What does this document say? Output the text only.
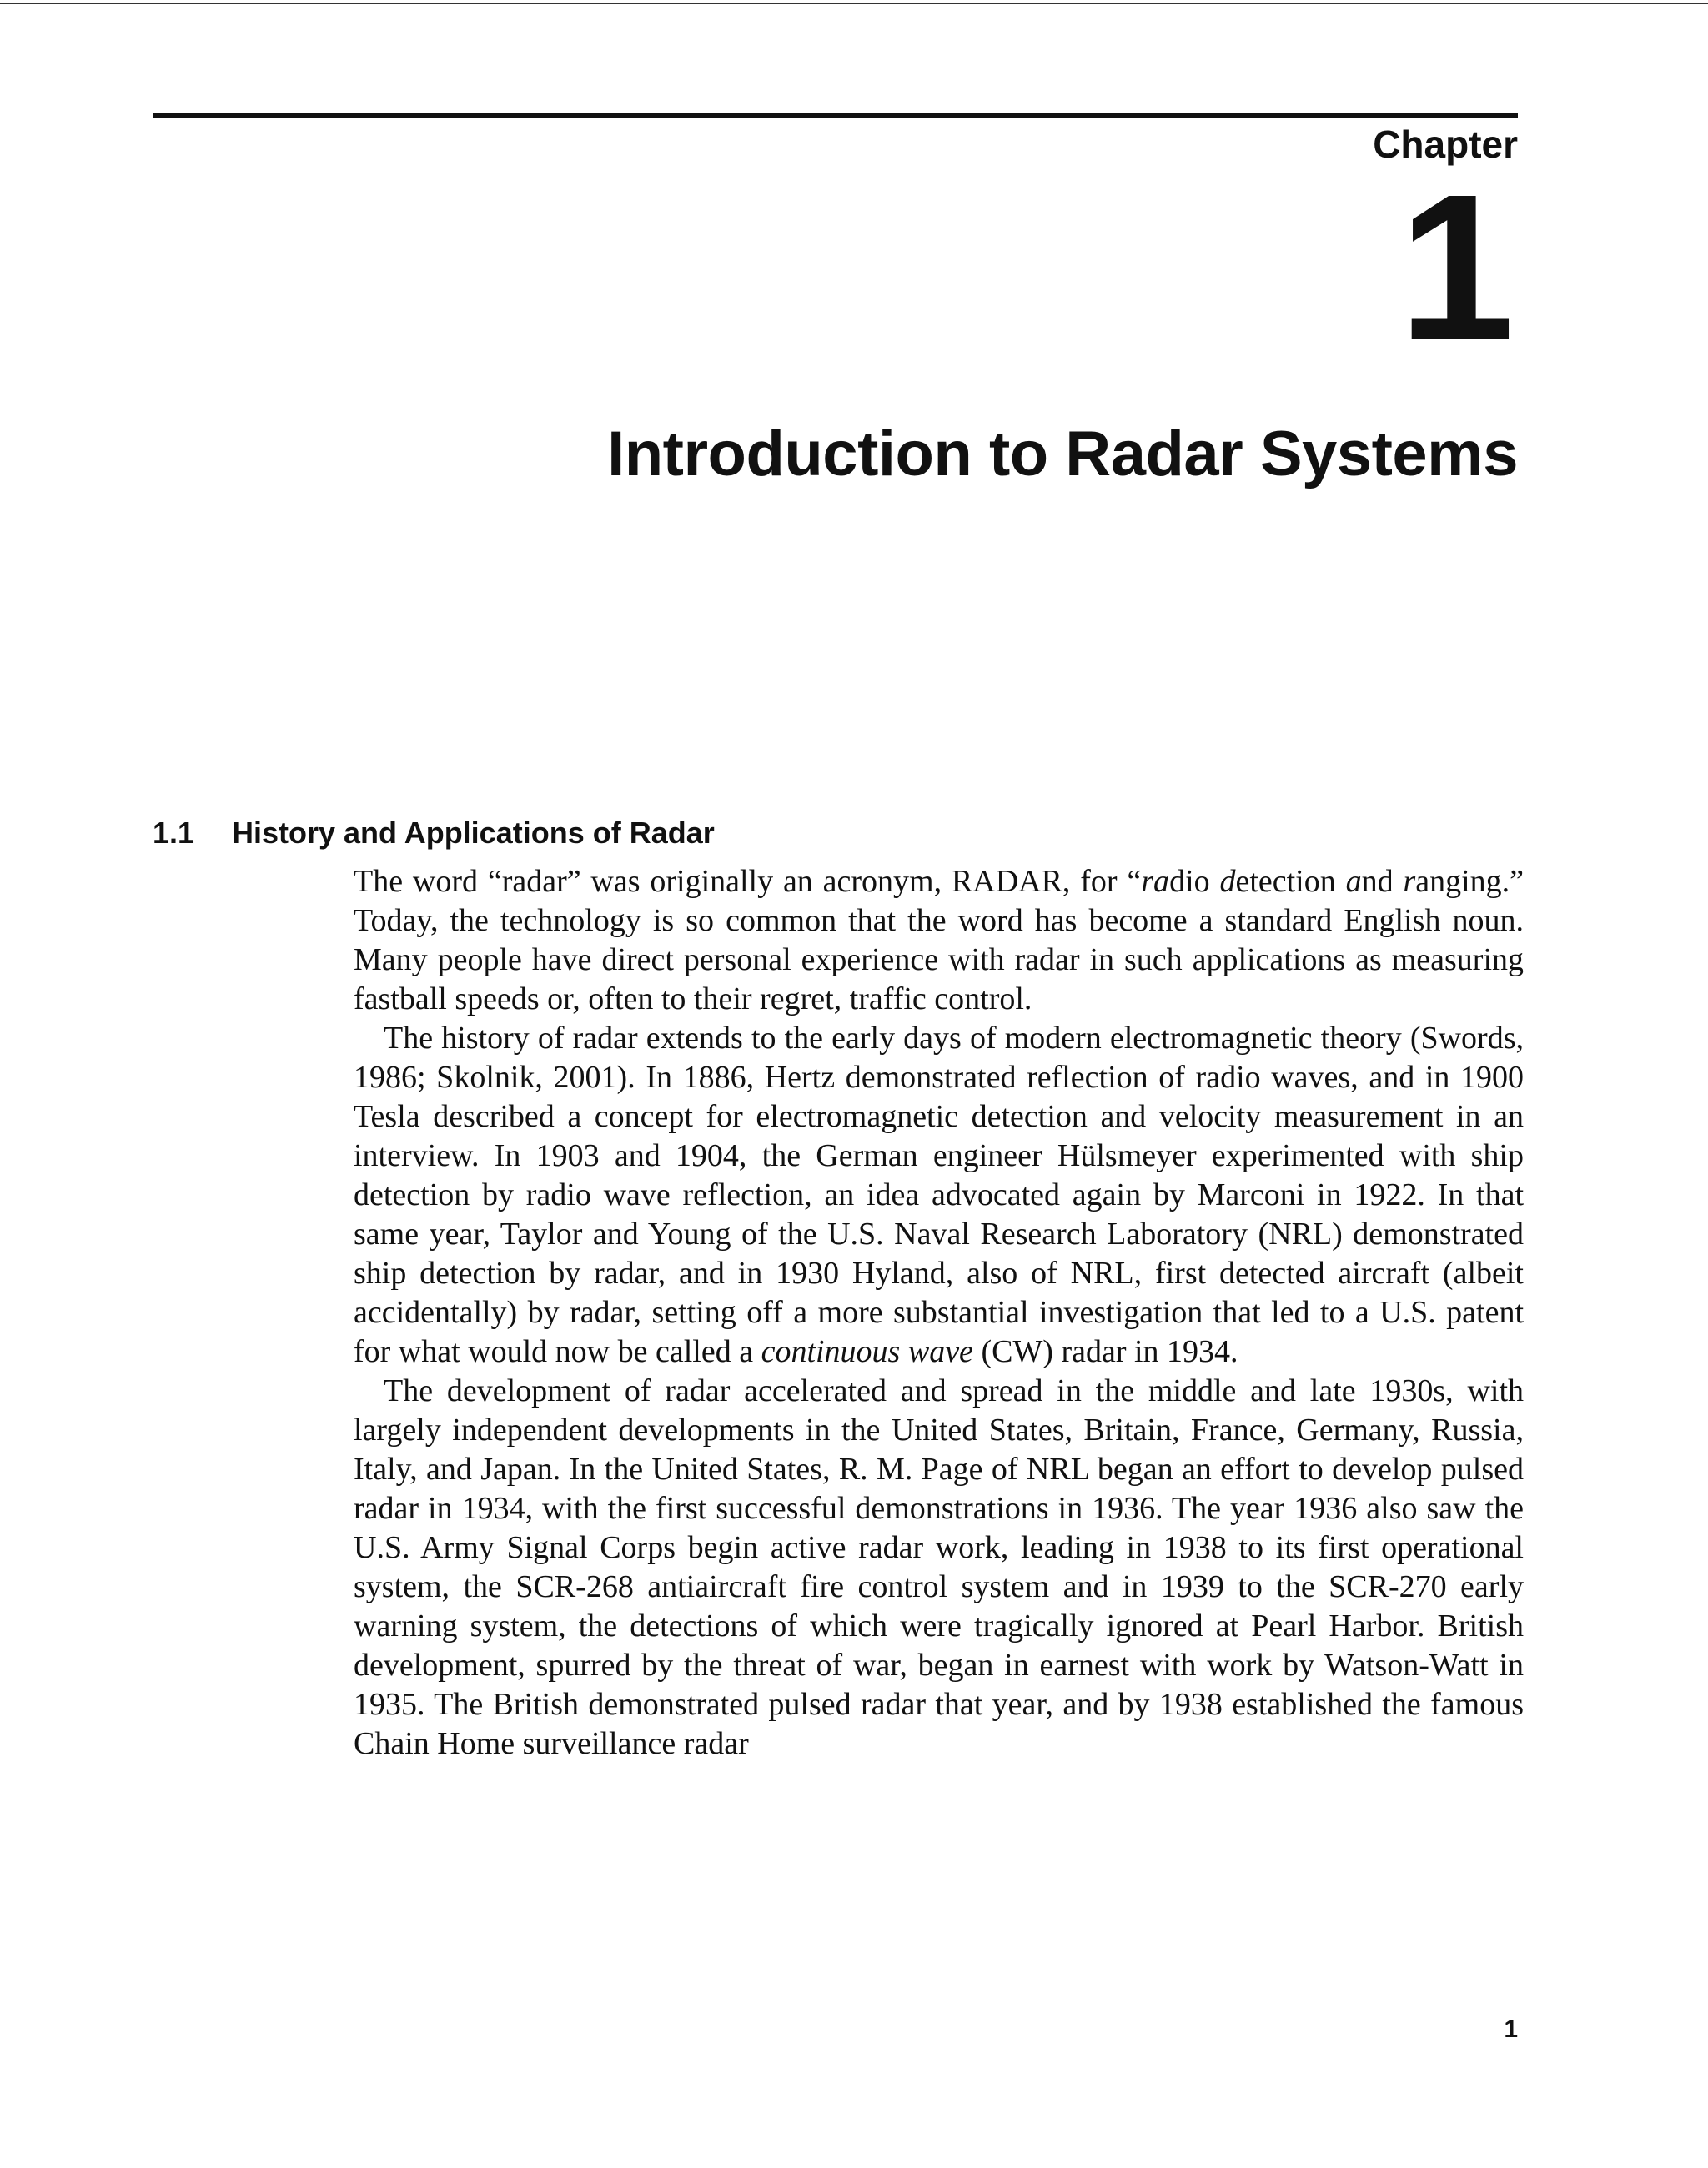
Chapter
1
Introduction to Radar Systems
1.1 History and Applications of Radar

The word “radar” was originally an acronym, RADAR, for “radio detection and ranging.” Today, the technology is so common that the word has become a standard English noun. Many people have direct personal experience with radar in such applications as measuring fastball speeds or, often to their regret, traffic control.

The history of radar extends to the early days of modern electromagnetic theory (Swords, 1986; Skolnik, 2001). In 1886, Hertz demonstrated reflection of radio waves, and in 1900 Tesla described a concept for electromagnetic detection and velocity measurement in an interview. In 1903 and 1904, the German engineer Hülsmeyer experimented with ship detection by radio wave reflection, an idea advocated again by Marconi in 1922. In that same year, Taylor and Young of the U.S. Naval Research Laboratory (NRL) demonstrated ship detection by radar, and in 1930 Hyland, also of NRL, first detected aircraft (albeit accidentally) by radar, setting off a more substantial investigation that led to a U.S. patent for what would now be called a continuous wave (CW) radar in 1934.

The development of radar accelerated and spread in the middle and late 1930s, with largely independent developments in the United States, Britain, France, Germany, Russia, Italy, and Japan. In the United States, R. M. Page of NRL began an effort to develop pulsed radar in 1934, with the first successful demonstrations in 1936. The year 1936 also saw the U.S. Army Signal Corps begin active radar work, leading in 1938 to its first operational system, the SCR-268 antiaircraft fire control system and in 1939 to the SCR-270 early warning system, the detections of which were tragically ignored at Pearl Harbor. British development, spurred by the threat of war, began in earnest with work by Watson-Watt in 1935. The British demonstrated pulsed radar that year, and by 1938 established the famous Chain Home surveillance radar

1
